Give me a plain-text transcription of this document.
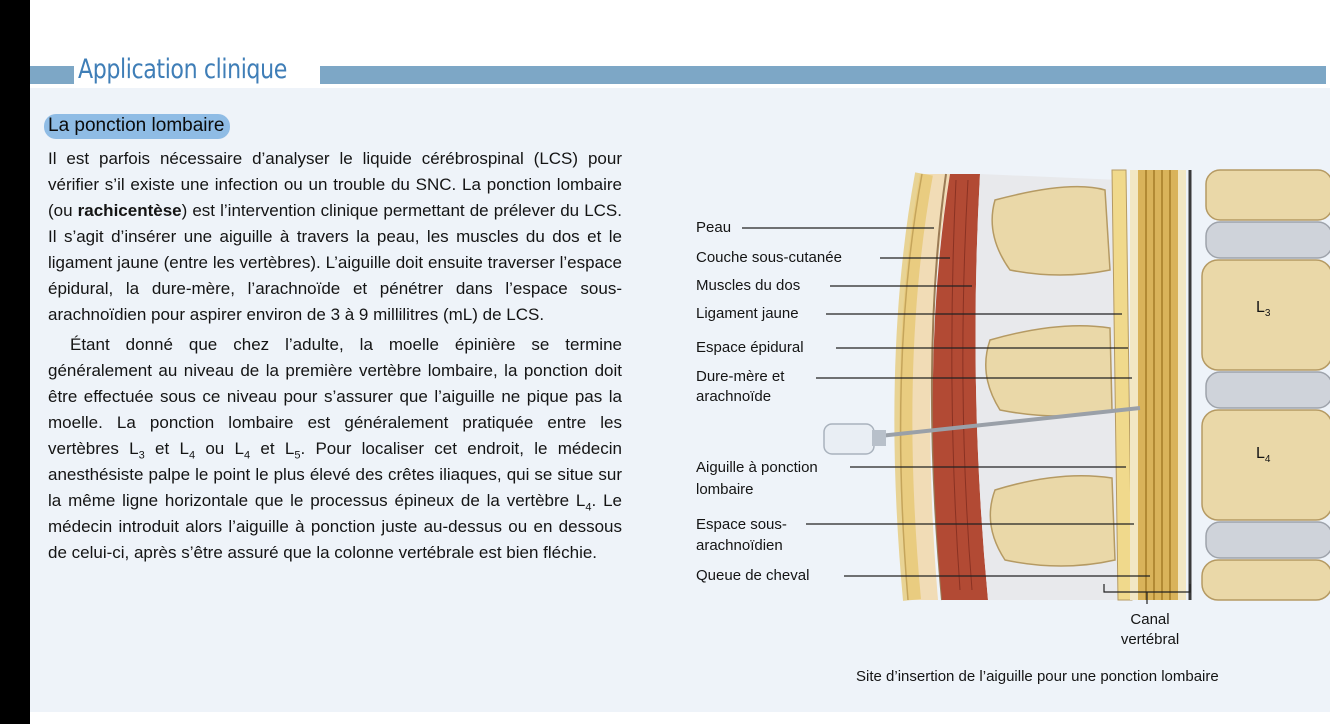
Application clinique
La ponction lombaire

Il est parfois nécessaire d’analyser le liquide cérébrospinal (LCS) pour vérifier s’il existe une infection ou un trouble du SNC. La ponction lombaire (ou rachicentèse) est l’intervention clinique permettant de prélever du LCS. Il s’agit d’insérer une aiguille à travers la peau, les muscles du dos et le ligament jaune (entre les vertèbres). L’aiguille doit ensuite traverser l’espace épidural, la dure-mère, l’arachnoïde et pénétrer dans l’espace sous-arachnoïdien pour aspirer environ de 3 à 9 millilitres (mL) de LCS.

Étant donné que chez l’adulte, la moelle épinière se termine généralement au niveau de la première vertèbre lombaire, la ponction doit être effectuée sous ce niveau pour s’assurer que l’aiguille ne pique pas la moelle. La ponction lombaire est généralement pratiquée entre les vertèbres $L_3$ et $L_4$ ou $L_4$ et $L_5$. Pour localiser cet endroit, le médecin anesthésiste palpe le point le plus élevé des crêtes iliaques, qui se situe sur la même ligne horizontale que le processus épineux de la vertèbre $L_4$. Le médecin introduit alors l’aiguille à ponction juste au-dessus ou en dessous de celui-ci, après s’être assuré que la colonne vertébrale est bien fléchie.

Peau
Couche sous-cutanée
Muscles du dos
Ligament jaune
Espace épidural
Dure-mère et
arachnoïde
Aiguille à ponction
lombaire
Espace sous-
arachnoïdien
Queue de cheval
Canal
vertébral
$L_3$
$L_4$
Site d’insertion de l’aiguille pour une ponction lombaire
